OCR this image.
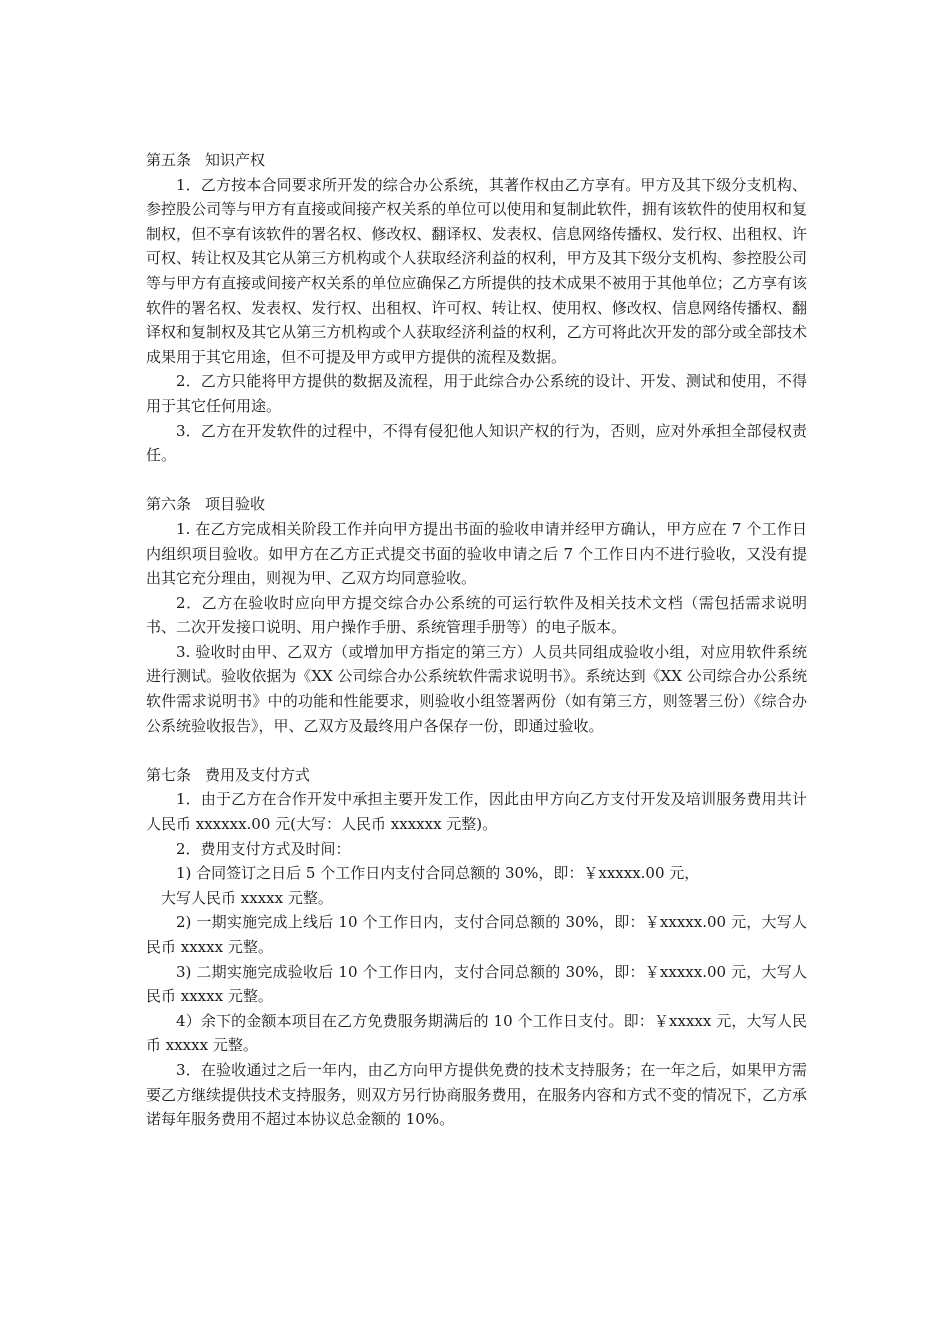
第五条 知识产权

1．乙方按本合同要求所开发的综合办公系统，其著作权由乙方享有。甲方及其下级分支机构、参控股公司等与甲方有直接或间接产权关系的单位可以使用和复制此软件，拥有该软件的使用权和复制权，但不享有该软件的署名权、修改权、翻译权、发表权、信息网络传播权、发行权、出租权、许可权、转让权及其它从第三方机构或个人获取经济利益的权利，甲方及其下级分支机构、参控股公司等与甲方有直接或间接产权关系的单位应确保乙方所提供的技术成果不被用于其他单位；乙方享有该软件的署名权、发表权、发行权、出租权、许可权、转让权、使用权、修改权、信息网络传播权、翻译权和复制权及其它从第三方机构或个人获取经济利益的权利，乙方可将此次开发的部分或全部技术成果用于其它用途，但不可提及甲方或甲方提供的流程及数据。

2．乙方只能将甲方提供的数据及流程，用于此综合办公系统的设计、开发、测试和使用，不得用于其它任何用途。

3．乙方在开发软件的过程中，不得有侵犯他人知识产权的行为，否则，应对外承担全部侵权责任。

第六条 项目验收

1. 在乙方完成相关阶段工作并向甲方提出书面的验收申请并经甲方确认，甲方应在 7 个工作日内组织项目验收。如甲方在乙方正式提交书面的验收申请之后 7 个工作日内不进行验收，又没有提出其它充分理由，则视为甲、乙双方均同意验收。

2．乙方在验收时应向甲方提交综合办公系统的可运行软件及相关技术文档（需包括需求说明书、二次开发接口说明、用户操作手册、系统管理手册等）的电子版本。

3. 验收时由甲、乙双方（或增加甲方指定的第三方）人员共同组成验收小组，对应用软件系统进行测试。验收依据为《XX 公司综合办公系统软件需求说明书》。系统达到《XX 公司综合办公系统软件需求说明书》中的功能和性能要求，则验收小组签署两份（如有第三方，则签署三份）《综合办公系统验收报告》，甲、乙双方及最终用户各保存一份，即通过验收。

第七条 费用及支付方式

1．由于乙方在合作开发中承担主要开发工作，因此由甲方向乙方支付开发及培训服务费用共计人民币 xxxxxx.00 元(大写：人民币 xxxxxx 元整)。

2．费用支付方式及时间：

1) 合同签订之日后 5 个工作日内支付合同总额的 30%，即：￥xxxxx.00 元，

大写人民币 xxxxx 元整。

2) 一期实施完成上线后 10 个工作日内，支付合同总额的 30%，即：￥xxxxx.00 元，大写人民币 xxxxx 元整。

3) 二期实施完成验收后 10 个工作日内，支付合同总额的 30%，即：￥xxxxx.00 元，大写人民币 xxxxx 元整。

4）余下的金额本项目在乙方免费服务期满后的 10 个工作日支付。即：￥xxxxx 元，大写人民币 xxxxx 元整。

3．在验收通过之后一年内，由乙方向甲方提供免费的技术支持服务；在一年之后，如果甲方需要乙方继续提供技术支持服务，则双方另行协商服务费用，在服务内容和方式不变的情况下，乙方承诺每年服务费用不超过本协议总金额的 10%。
